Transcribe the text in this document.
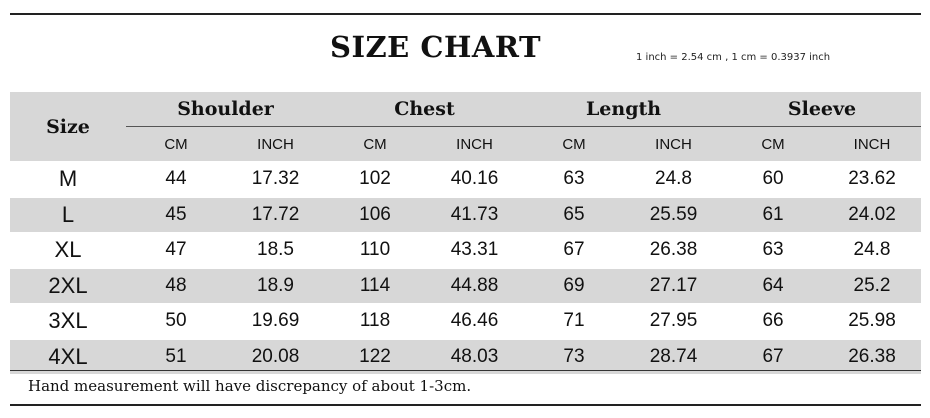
SIZE CHART	1 inch = 2.54 cm , 1 cm = 0.3937 inch
Size	Shoulder		Chest		Length		Sleeve	
	CM	INCH	CM	INCH	CM	INCH	CM	INCH
M	44	17.32	102	40.16	63	24.8	60	23.62
L	45	17.72	106	41.73	65	25.59	61	24.02
XL	47	18.5	110	43.31	67	26.38	63	24.8
2XL	48	18.9	114	44.88	69	27.17	64	25.2
3XL	50	19.69	118	46.46	71	27.95	66	25.98
4XL	51	20.08	122	48.03	73	28.74	67	26.38
Hand measurement will have discrepancy of about 1-3cm.
